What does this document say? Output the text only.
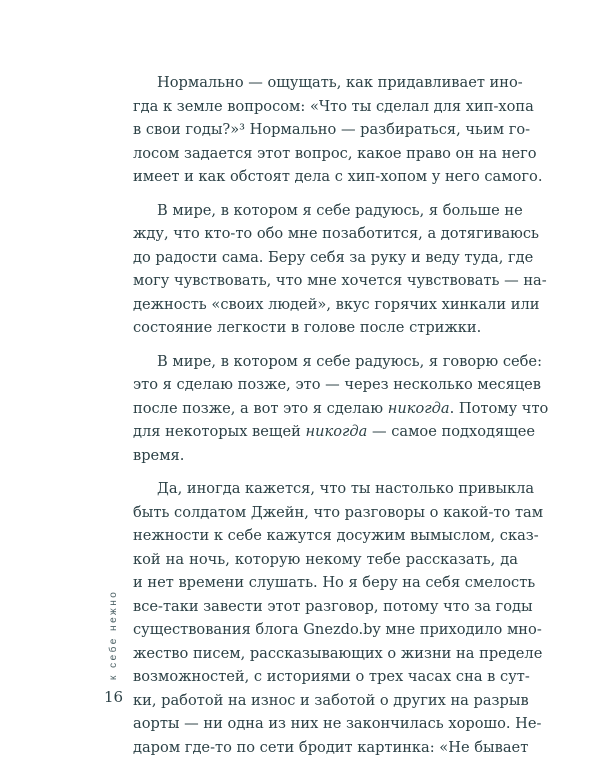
Нормально — ощущать, как придавливает ино-
гда к земле вопросом: «Что ты сделал для хип-хопа
в свои годы?»³ Нормально — разбираться, чьим го-
лосом задается этот вопрос, какое право он на него
имеет и как обстоят дела с хип-хопом у него самого.

В мире, в котором я себе радуюсь, я больше не
жду, что кто-то обо мне позаботится, а дотягиваюсь
до радости сама. Беру себя за руку и веду туда, где
могу чувствовать, что мне хочется чувствовать — на-
дежность «своих людей», вкус горячих хинкали или
состояние легкости в голове после стрижки.

В мире, в котором я себе радуюсь, я говорю себе:
это я сделаю позже, это — через несколько месяцев
после позже, а вот это я сделаю никогда. Потому что
для некоторых вещей никогда — самое подходящее
время.

Да, иногда кажется, что ты настолько привыкла
быть солдатом Джейн, что разговоры о какой-то там
нежности к себе кажутся досужим вымыслом, сказ-
кой на ночь, которую некому тебе рассказать, да
и нет времени слушать. Но я беру на себя смелость
все-таки завести этот разговор, потому что за годы
существования блога Gnezdo.by мне приходило мно-
жество писем, рассказывающих о жизни на пределе
возможностей, с историями о трех часах сна в сут-
ки, работой на износ и заботой о других на разрыв
аорты — ни одна из них не закончилась хорошо. Не-
даром где-то по сети бродит картинка: «Не бывает

к себе нежно
16
